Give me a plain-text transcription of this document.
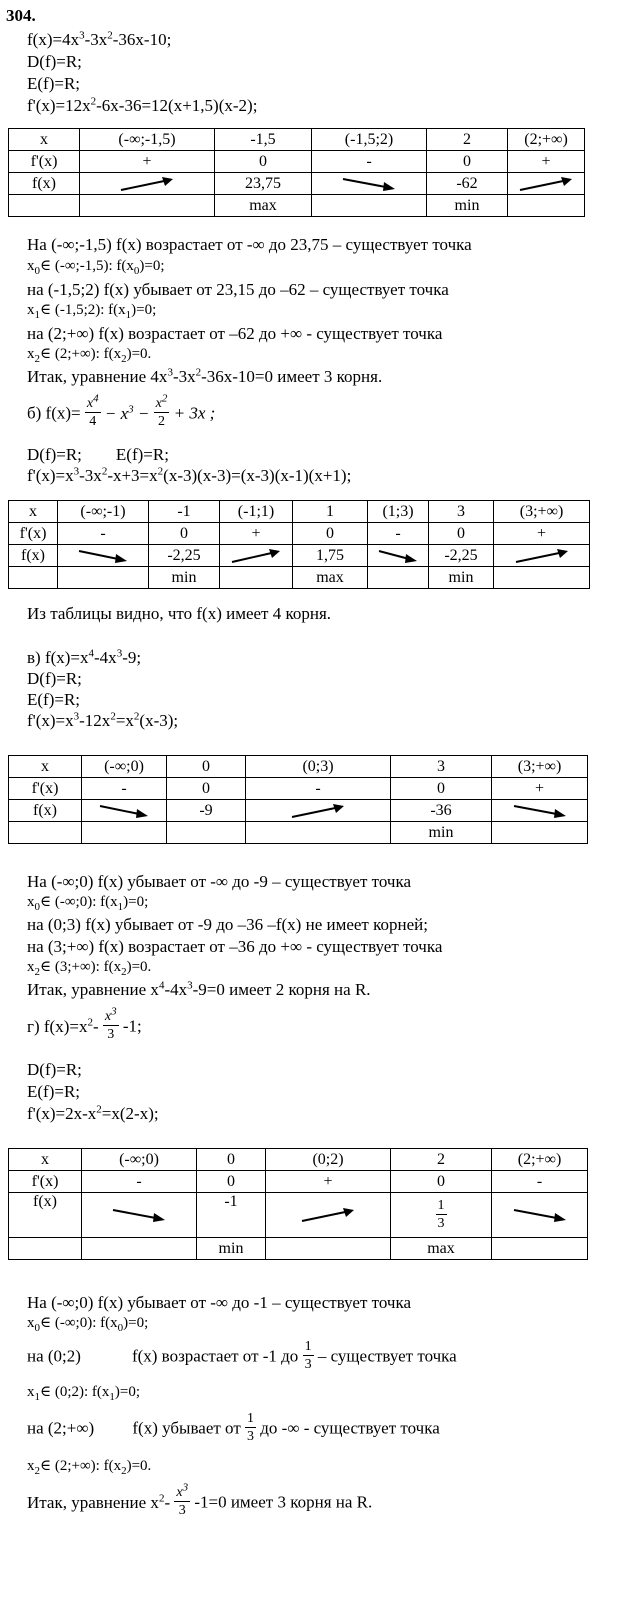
304.
$f(x)=4x^3-3x^2-36x-10$;
D(f)=R;
E(f)=R;
$f'(x)=12x^2-6x-36=12(x+1,5)(x-2)$;
x	(-∞;-1,5)	-1,5	(-1,5;2)	2	(2;+∞)
f'(x)	+	0	-	0	+
f(x)		23,75		-62	

		max		min	
На (-∞;-1,5) f(x) возрастает от -∞ до 23,75 – существует точка
$x_0\in$ (-∞;-1,5): $f(x_0)=0$;
на (-1,5;2) f(x) убывает от 23,15 до –62 – существует точка
$x_1\in$ (-1,5;2): $f(x_1)=0$;
на (2;+∞) f(x) возрастает от –62 до +∞ - существует точка
$x_2\in$ (2;+∞): $f(x_2)=0$.
Итак, уравнение $4x^3-3x^2-36x-10=0$ имеет 3 корня.
б) $f(x)= \frac{x^4}{4} - x^3 - \frac{x^2}{2} + 3x$ ;
D(f)=R;        E(f)=R;
$f'(x)=x^3-3x^2-x+3=x^2(x-3)(x-3)=(x-3)(x-1)(x+1)$;
x	(-∞;-1)	-1	(-1;1)	1	(1;3)	3	(3;+∞)
f'(x)	-	0	+	0	-	0	+
f(x)		-2,25		1,75		-2,25	

		min		max		min	
Из таблицы видно, что f(x) имеет 4 корня.
в) $f(x)=x^4-4x^3-9$;
D(f)=R;
E(f)=R;
$f'(x)=x^3-12x^2=x^2(x-3)$;
x	(-∞;0)	0	(0;3)	3	(3;+∞)
f'(x)	-	0	-	0	+
f(x)		-9		-36	

				min	
На (-∞;0) f(x) убывает от -∞ до -9 – существует точка
$x_0\in$ (-∞;0): $f(x_1)=0$;
на (0;3) f(x) убывает от -9 до –36 –f(x) не имеет корней;
на (3;+∞) f(x) возрастает от –36 до +∞ - существует точка
$x_2\in$ (3;+∞): $f(x_2)=0$.
Итак, уравнение $x^4-4x^3-9=0$ имеет 2 корня на R.
г) $f(x)=x^2- \frac{x^3}{3} -1$;
D(f)=R;
E(f)=R;
$f'(x)=2x-x^2=x(2-x)$;
x	(-∞;0)	0	(0;2)	2	(2;+∞)
f'(x)	-	0	+	0	-
f(x)		-1		$\frac{1}{3}$

		min		max	
На (-∞;0) f(x) убывает от -∞ до -1 – существует точка
$x_0\in$ (-∞;0): $f(x_0)=0$;
на (0;2)            f(x) возрастает от -1 до $\frac{1}{3}$ – существует точка
$x_1\in$ (0;2): $f(x_1)=0$;
на (2;+∞)         f(x) убывает от $\frac{1}{3}$ до -∞ - существует точка
$x_2\in$ (2;+∞): $f(x_2)=0$.
Итак, уравнение $x^2- \frac{x^3}{3} -1=0$ имеет 3 корня на R.
